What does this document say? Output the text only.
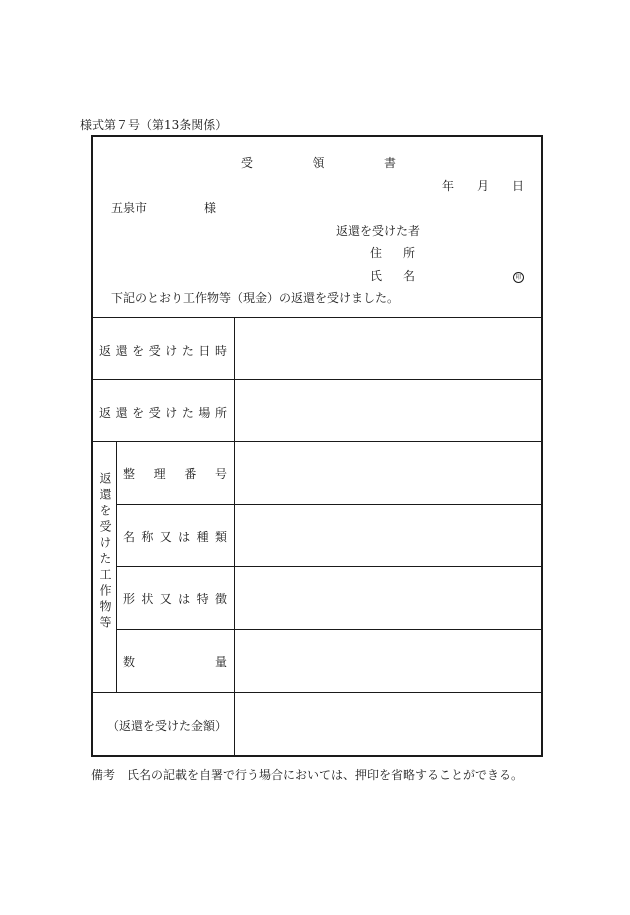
様式第７号（第13条関係）
受	領	書
年 月 日
五泉市	様
返還を受けた者
住 所
氏 名	印
下記のとおり工作物等（現金）の返還を受けました。
返 還 を 受 け た 日 時
返 還 を 受 け た 場 所
返還を受けた工作物等 整 理 番 号
名 称 又 は 種 類
形 状 又 は 特 徴
数	量
（返還を受けた金額）
備考 氏名の記載を自署で行う場合においては、押印を省略することができる。
